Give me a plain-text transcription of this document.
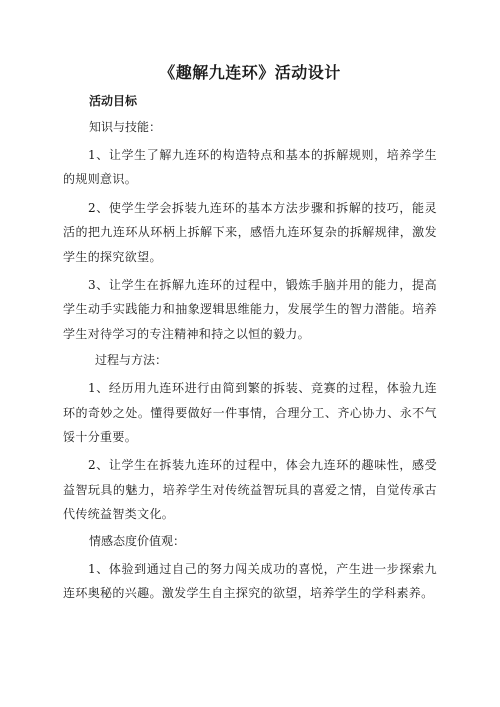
《趣解九连环》活动设计
活动目标
知识与技能：

1、让学生了解九连环的构造特点和基本的拆解规则，培养学生的规则意识。

2、使学生学会拆装九连环的基本方法步骤和拆解的技巧，能灵活的把九连环从环柄上拆解下来，感悟九连环复杂的拆解规律，激发学生的探究欲望。

3、让学生在拆解九连环的过程中，锻炼手脑并用的能力，提高学生动手实践能力和抽象逻辑思维能力，发展学生的智力潜能。培养学生对待学习的专注精神和持之以恒的毅力。

过程与方法：

1、经历用九连环进行由简到繁的拆装、竞赛的过程，体验九连环的奇妙之处。懂得要做好一件事情，合理分工、齐心协力、永不气馁十分重要。

2、让学生在拆装九连环的过程中，体会九连环的趣味性，感受益智玩具的魅力，培养学生对传统益智玩具的喜爱之情，自觉传承古代传统益智类文化。

情感态度价值观：

1、体验到通过自己的努力闯关成功的喜悦，产生进一步探索九连环奥秘的兴趣。激发学生自主探究的欲望，培养学生的学科素养。
